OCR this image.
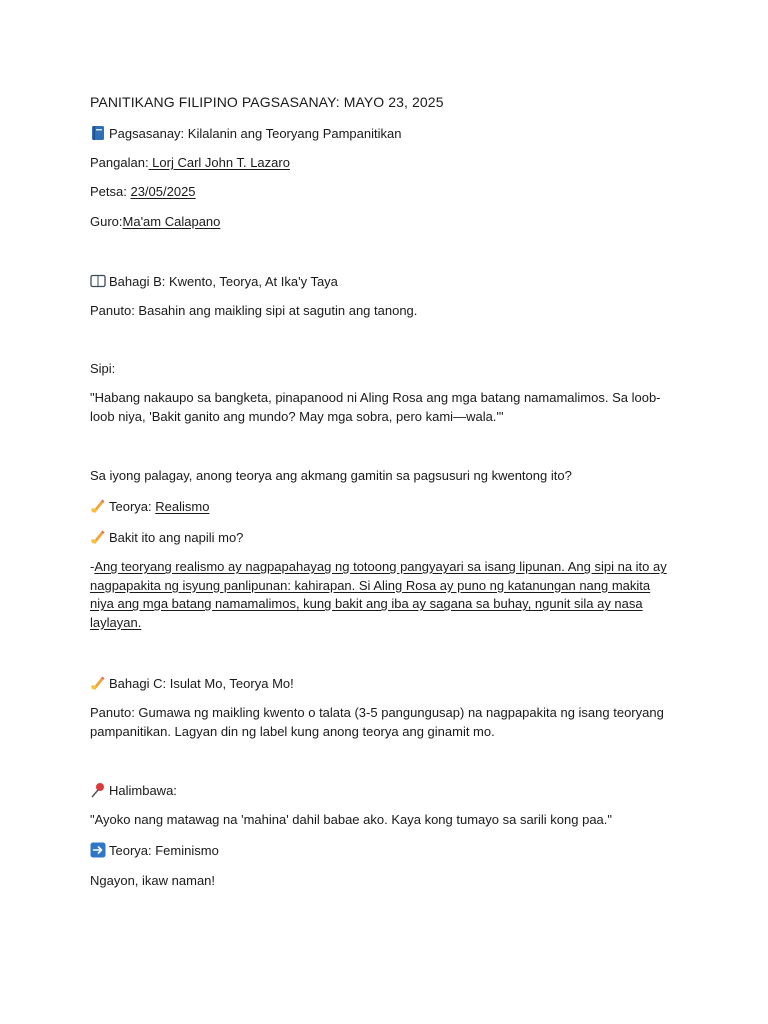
PANITIKANG FILIPINO PAGSASANAY: MAYO 23, 2025
Pagsasanay: Kilalanin ang Teoryang Pampanitikan
Pangalan: Lorj Carl John T. Lazaro
Petsa: 23/05/2025
Guro:Ma'am Calapano
Bahagi B: Kwento, Teorya, At Ika'y Taya
Panuto: Basahin ang maikling sipi at sagutin ang tanong.
Sipi:
"Habang nakaupo sa bangketa, pinapanood ni Aling Rosa ang mga batang namamalimos. Sa loob-loob niya, 'Bakit ganito ang mundo? May mga sobra, pero kami—wala.'"
Sa iyong palagay, anong teorya ang akmang gamitin sa pagsusuri ng kwentong ito?
Teorya: Realismo
Bakit ito ang napili mo?
-Ang teoryang realismo ay nagpapahayag ng totoong pangyayari sa isang lipunan. Ang sipi na ito ay nagpapakita ng isyung panlipunan: kahirapan. Si Aling Rosa ay puno ng katanungan nang makita niya ang mga batang namamalimos, kung bakit ang iba ay sagana sa buhay, ngunit sila ay nasa laylayan.
Bahagi C: Isulat Mo, Teorya Mo!
Panuto: Gumawa ng maikling kwento o talata (3-5 pangungusap) na nagpapakita ng isang teoryang pampanitikan. Lagyan din ng label kung anong teorya ang ginamit mo.
Halimbawa:
"Ayoko nang matawag na 'mahina' dahil babae ako. Kaya kong tumayo sa sarili kong paa."
Teorya: Feminismo
Ngayon, ikaw naman!
